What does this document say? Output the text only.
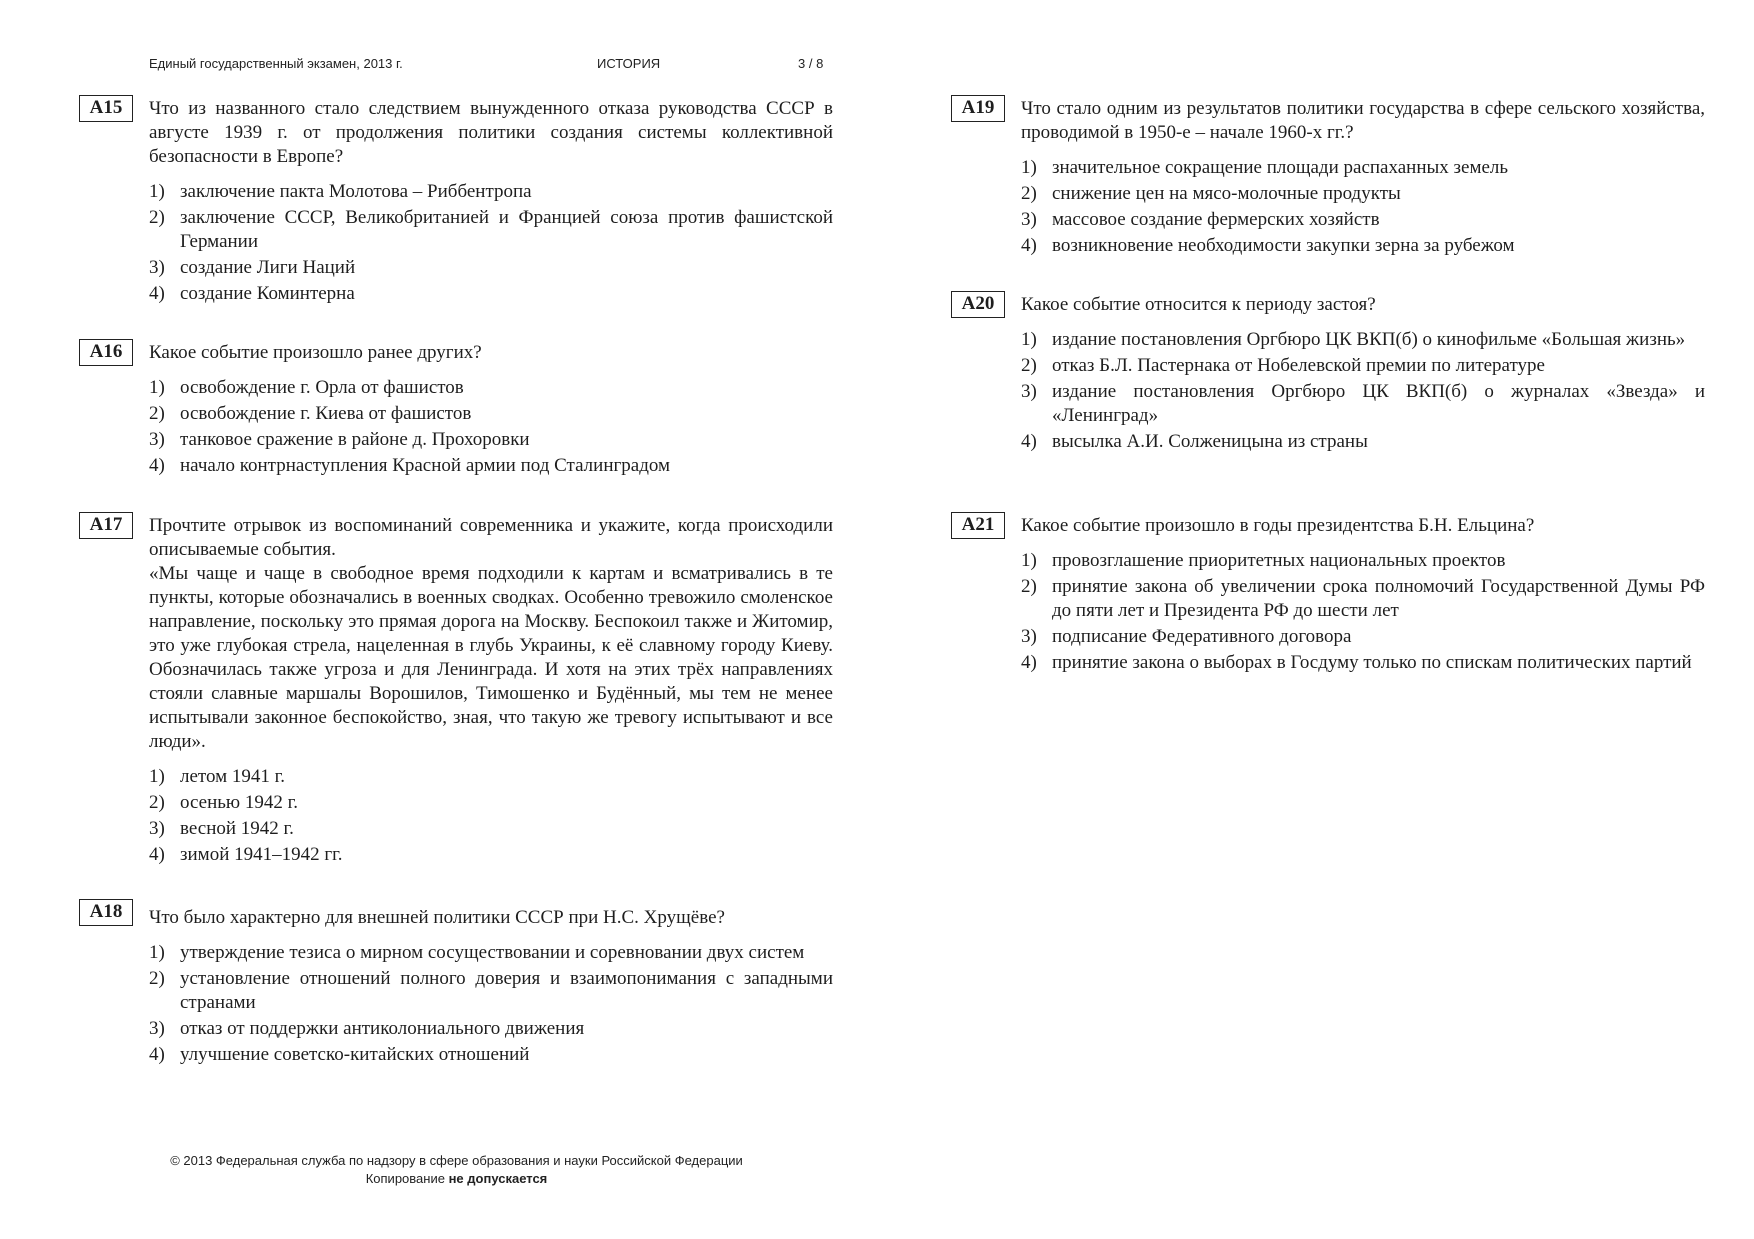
Единый государственный экзамен, 2013 г.	ИСТОРИЯ	3 / 8
A15	Что из названного стало следствием вынужденного отказа руководства СССР в августе 1939 г. от продолжения политики создания системы коллективной безопасности в Европе?

1) заключение пакта Молотова – Риббентропа
2) заключение СССР, Великобританией и Францией союза против фашистской Германии
3) создание Лиги Наций
4) создание Коминтерна
A16	Какое событие произошло ранее других?

1) освобождение г. Орла от фашистов
2) освобождение г. Киева от фашистов
3) танковое сражение в районе д. Прохоровки
4) начало контрнаступления Красной армии под Сталинградом
A17	Прочтите отрывок из воспоминаний современника и укажите, когда происходили описываемые события.

«Мы чаще и чаще в свободное время подходили к картам и всматривались в те пункты, которые обозначались в военных сводках. Особенно тревожило смоленское направление, поскольку это прямая дорога на Москву. Беспокоил также и Житомир, это уже глубокая стрела, нацеленная в глубь Украины, к её славному городу Киеву. Обозначилась также угроза и для Ленинграда. И хотя на этих трёх направлениях стояли славные маршалы Ворошилов, Тимошенко и Будённый, мы тем не менее испытывали законное беспокойство, зная, что такую же тревогу испытывают и все люди».

1) летом 1941 г.
2) осенью 1942 г.
3) весной 1942 г.
4) зимой 1941–1942 гг.
A18	Что было характерно для внешней политики СССР при Н.С. Хрущёве?

1) утверждение тезиса о мирном сосуществовании и соревновании двух систем
2) установление отношений полного доверия и взаимопонимания с западными странами
3) отказ от поддержки антиколониального движения
4) улучшение советско-китайских отношений
A19	Что стало одним из результатов политики государства в сфере сельского хозяйства, проводимой в 1950-е – начале 1960-х гг.?

1) значительное сокращение площади распаханных земель
2) снижение цен на мясо-молочные продукты
3) массовое создание фермерских хозяйств
4) возникновение необходимости закупки зерна за рубежом
A20	Какое событие относится к периоду застоя?

1) издание постановления Оргбюро ЦК ВКП(б) о кинофильме «Большая жизнь»
2) отказ Б.Л. Пастернака от Нобелевской премии по литературе
3) издание постановления Оргбюро ЦК ВКП(б) о журналах «Звезда» и «Ленинград»
4) высылка А.И. Солженицына из страны
A21	Какое событие произошло в годы президентства Б.Н. Ельцина?

1) провозглашение приоритетных национальных проектов
2) принятие закона об увеличении срока полномочий Государственной Думы РФ до пяти лет и Президента РФ до шести лет
3) подписание Федеративного договора
4) принятие закона о выборах в Госдуму только по спискам политических партий
© 2013 Федеральная служба по надзору в сфере образования и науки Российской Федерации
Копирование не допускается
